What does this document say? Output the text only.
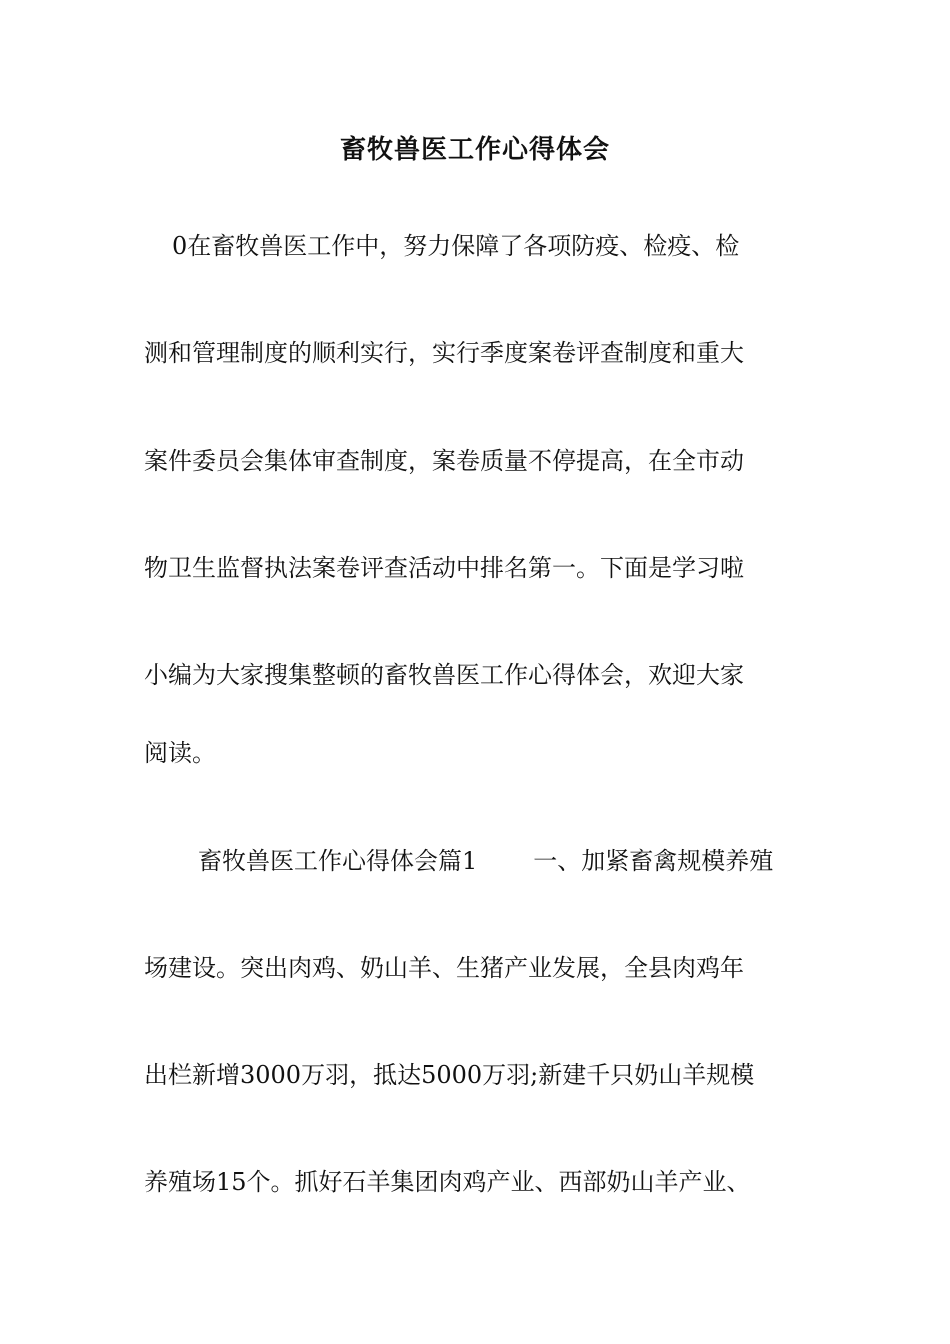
畜牧兽医工作心得体会
0在畜牧兽医工作中，努力保障了各项防疫、检疫、检
测和管理制度的顺利实行，实行季度案卷评查制度和重大
案件委员会集体审查制度，案卷质量不停提高，在全市动
物卫生监督执法案卷评查活动中排名第一。下面是学习啦
小编为大家搜集整顿的畜牧兽医工作心得体会，欢迎大家
阅读。
畜牧兽医工作心得体会篇1 一、加紧畜禽规模养殖
场建设。突出肉鸡、奶山羊、生猪产业发展，全县肉鸡年
出栏新增3000万羽，抵达5000万羽;新建千只奶山羊规模
养殖场15个。抓好石羊集团肉鸡产业、西部奶山羊产业、
